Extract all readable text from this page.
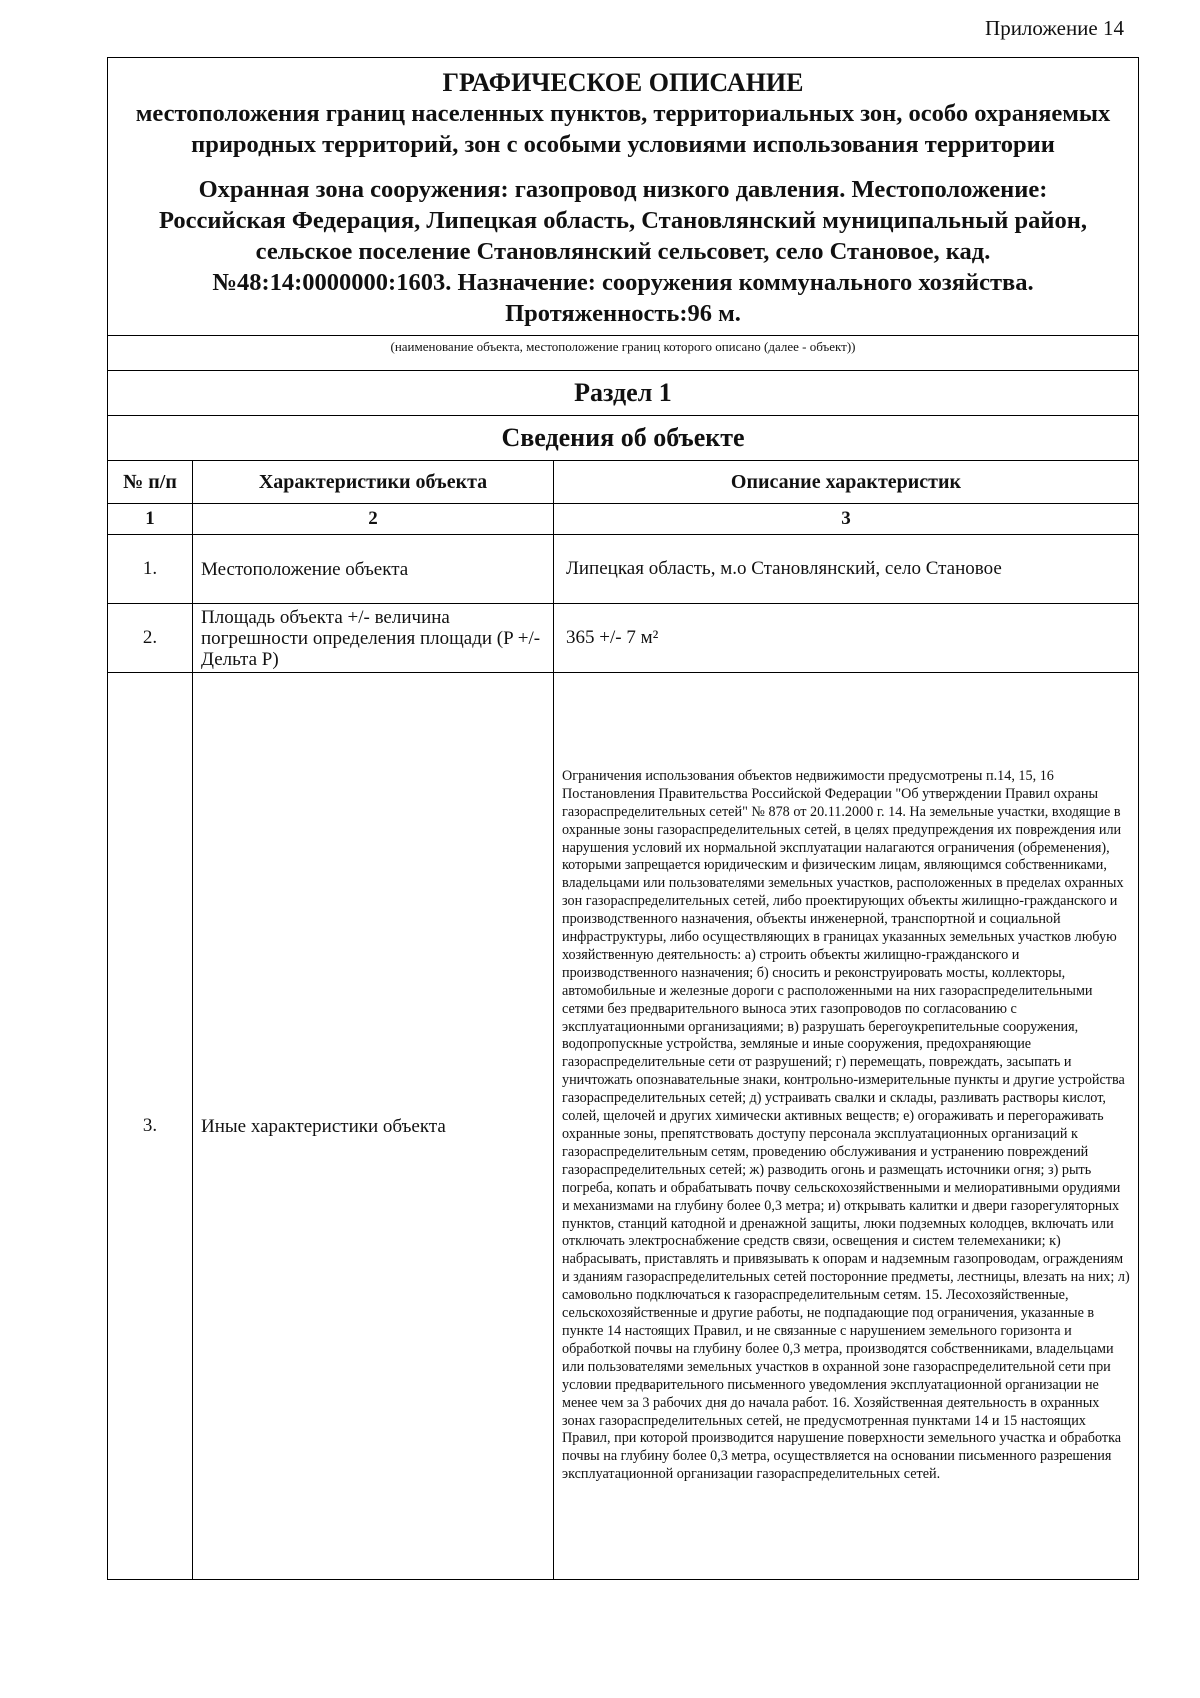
Приложение 14
ГРАФИЧЕСКОЕ ОПИСАНИЕ
местоположения границ населенных пунктов, территориальных зон, особо охраняемых природных территорий, зон с особыми условиями использования территории
Охранная зона сооружения: газопровод низкого давления. Местоположение:
Российская Федерация, Липецкая область, Становлянский муниципальный район,
сельское поселение Становлянский сельсовет, село Становое, кад.
№48:14:0000000:1603. Назначение: сооружения коммунального хозяйства.
Протяженность:96 м.
(наименование объекта, местоположение границ которого описано (далее - объект))
Раздел 1
Сведения об объекте
№ п/п	Характеристики объекта	Описание характеристик
1	2	3
1.	Местоположение объекта	Липецкая область, м.о Становлянский, село Становое

2.	Площадь объекта +/- величина погрешности определения площади (P +/- Дельта P)	365 +/- 7 м²

3.	Иные характеристики объекта	Ограничения использования объектов недвижимости предусмотрены п.14, 15, 16 Постановления Правительства Российской Федерации "Об утверждении Правил охраны газораспределительных сетей" № 878 от 20.11.2000 г. 14. На земельные участки, входящие в охранные зоны газораспределительных сетей, в целях предупреждения их повреждения или нарушения условий их нормальной эксплуатации налагаются ограничения (обременения), которыми запрещается юридическим и физическим лицам, являющимся собственниками, владельцами или пользователями земельных участков, расположенных в пределах охранных зон газораспределительных сетей, либо проектирующих объекты жилищно-гражданского и производственного назначения, объекты инженерной, транспортной и социальной инфраструктуры, либо осуществляющих в границах указанных земельных участков любую хозяйственную деятельность: а) строить объекты жилищно-гражданского и производственного назначения; б) сносить и реконструировать мосты, коллекторы, автомобильные и железные дороги с расположенными на них газораспределительными сетями без предварительного выноса этих газопроводов по согласованию с эксплуатационными организациями; в) разрушать берегоукрепительные сооружения, водопропускные устройства, земляные и иные сооружения, предохраняющие газораспределительные сети от разрушений; г) перемещать, повреждать, засыпать и уничтожать опознавательные знаки, контрольно-измерительные пункты и другие устройства газораспределительных сетей; д) устраивать свалки и склады, разливать растворы кислот, солей, щелочей и других химически активных веществ; е) огораживать и перегораживать охранные зоны, препятствовать доступу персонала эксплуатационных организаций к газораспределительным сетям, проведению обслуживания и устранению повреждений газораспределительных сетей; ж) разводить огонь и размещать источники огня; з) рыть погреба, копать и обрабатывать почву сельскохозяйственными и мелиоративными орудиями и механизмами на глубину более 0,3 метра; и) открывать калитки и двери газорегуляторных пунктов, станций катодной и дренажной защиты, люки подземных колодцев, включать или отключать электроснабжение средств связи, освещения и систем телемеханики; к) набрасывать, приставлять и привязывать к опорам и надземным газопроводам, ограждениям и зданиям газораспределительных сетей посторонние предметы, лестницы, влезать на них; л) самовольно подключаться к газораспределительным сетям. 15. Лесохозяйственные, сельскохозяйственные и другие работы, не подпадающие под ограничения, указанные в пункте 14 настоящих Правил, и не связанные с нарушением земельного горизонта и обработкой почвы на глубину более 0,3 метра, производятся собственниками, владельцами или пользователями земельных участков в охранной зоне газораспределительной сети при условии предварительного письменного уведомления эксплуатационной организации не менее чем за 3 рабочих дня до начала работ. 16. Хозяйственная деятельность в охранных зонах газораспределительных сетей, не предусмотренная пунктами 14 и 15 настоящих Правил, при которой производится нарушение поверхности земельного участка и обработка почвы на глубину более 0,3 метра, осуществляется на основании письменного разрешения эксплуатационной организации газораспределительных сетей.
